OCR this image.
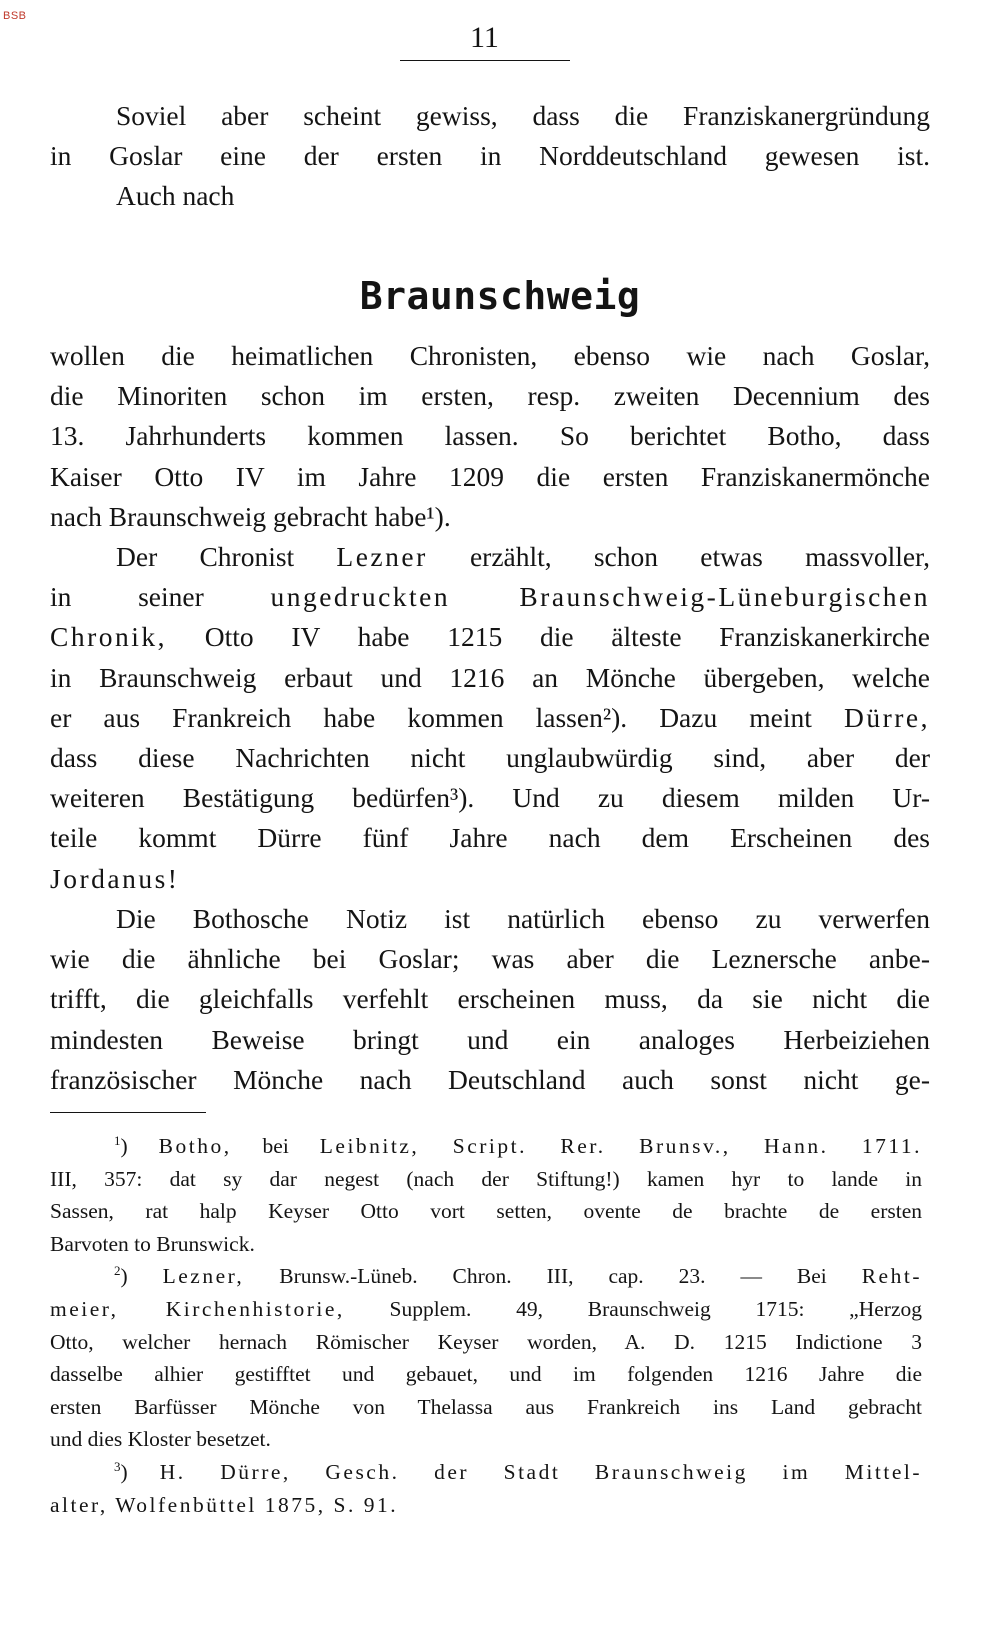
BSB
11
Soviel aber scheint gewiss, dass die Franziskanergründung
in Goslar eine der ersten in Norddeutschland gewesen ist.
Auch nach
Braunschweig
wollen die heimatlichen Chronisten, ebenso wie nach Goslar,
die Minoriten schon im ersten, resp. zweiten Decennium des
13. Jahrhunderts kommen lassen. So berichtet Botho, dass
Kaiser Otto IV im Jahre 1209 die ersten Franziskanermönche
nach Braunschweig gebracht habe¹).
Der Chronist Lezner erzählt, schon etwas massvoller,
in seiner ungedruckten Braunschweig-Lüneburgischen
Chronik, Otto IV habe 1215 die älteste Franziskanerkirche
in Braunschweig erbaut und 1216 an Mönche übergeben, welche
er aus Frankreich habe kommen lassen²). Dazu meint Dürre,
dass diese Nachrichten nicht unglaubwürdig sind, aber der
weiteren Bestätigung bedürfen³). Und zu diesem milden Ur-
teile kommt Dürre fünf Jahre nach dem Erscheinen des
Jordanus!
Die Bothosche Notiz ist natürlich ebenso zu verwerfen
wie die ähnliche bei Goslar; was aber die Leznersche anbe-
trifft, die gleichfalls verfehlt erscheinen muss, da sie nicht die
mindesten Beweise bringt und ein analoges Herbeiziehen
französischer Mönche nach Deutschland auch sonst nicht ge-
$^1$) Botho, bei Leibnitz, Script. Rer. Brunsv., Hann. 1711.
III, 357: dat sy dar negest (nach der Stiftung!) kamen hyr to lande in
Sassen, rat halp Keyser Otto vort setten, ovente de brachte de ersten
Barvoten to Brunswick.
$^2$) Lezner, Brunsw.-Lüneb. Chron. III, cap. 23. — Bei Reht-
meier, Kirchenhistorie, Supplem. 49, Braunschweig 1715: „Herzog
Otto, welcher hernach Römischer Keyser worden, A. D. 1215 Indictione 3
dasselbe alhier gestifftet und gebauet, und im folgenden 1216 Jahre die
ersten Barfüsser Mönche von Thelassa aus Frankreich ins Land gebracht
und dies Kloster besetzet.
$^3$) H. Dürre, Gesch. der Stadt Braunschweig im Mittel-
alter, Wolfenbüttel 1875, S. 91.
